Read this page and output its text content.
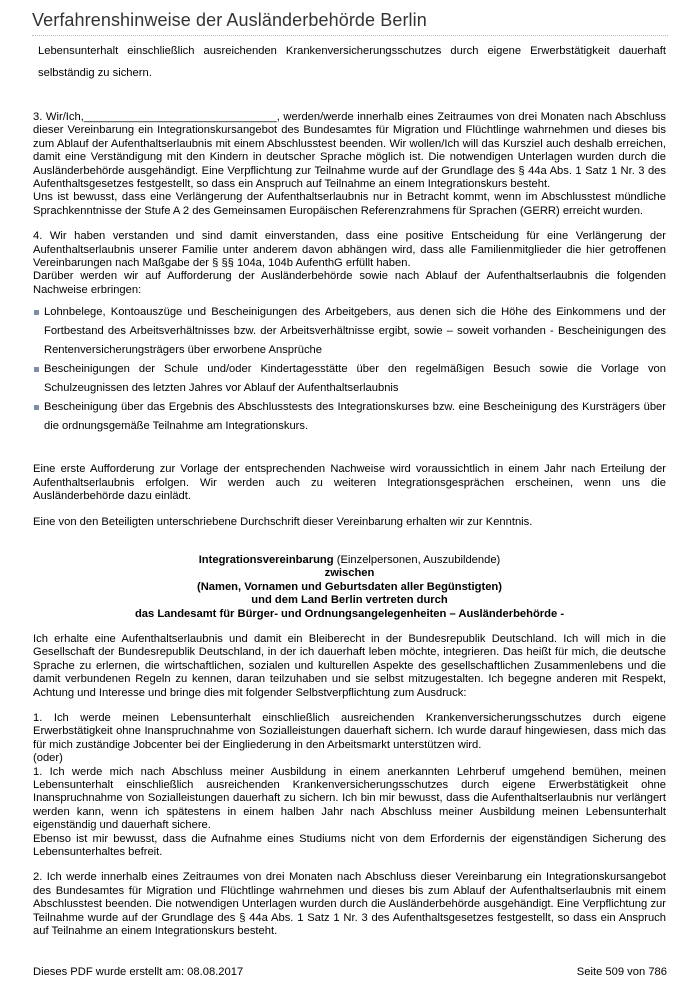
Verfahrenshinweise der Ausländerbehörde Berlin

Lebensunterhalt einschließlich ausreichenden Krankenversicherungsschutzes durch eigene Erwerbstätigkeit dauerhaft selbständig zu sichern.

3. Wir/Ich,_______________________________, werden/werde innerhalb eines Zeitraumes von drei Monaten nach Abschluss dieser Vereinbarung ein Integrationskursangebot des Bundesamtes für Migration und Flüchtlinge wahrnehmen und dieses bis zum Ablauf der Aufenthaltserlaubnis mit einem Abschlusstest beenden. Wir wollen/Ich will das Kursziel auch deshalb erreichen, damit eine Verständigung mit den Kindern in deutscher Sprache möglich ist. Die notwendigen Unterlagen wurden durch die Ausländerbehörde ausgehändigt. Eine Verpflichtung zur Teilnahme wurde auf der Grundlage des § 44a Abs. 1 Satz 1 Nr. 3 des Aufenthaltsgesetzes festgestellt, so dass ein Anspruch auf Teilnahme an einem Integrationskurs besteht.

Uns ist bewusst, dass eine Verlängerung der Aufenthaltserlaubnis nur in Betracht kommt, wenn im Abschlusstest mündliche Sprachkenntnisse der Stufe A 2 des Gemeinsamen Europäischen Referenzrahmens für Sprachen (GERR) erreicht wurden.

4. Wir haben verstanden und sind damit einverstanden, dass eine positive Entscheidung für eine Verlängerung der Aufenthaltserlaubnis unserer Familie unter anderem davon abhängen wird, dass alle Familienmitglieder die hier getroffenen Vereinbarungen nach Maßgabe der § §§ 104a, 104b AufenthG erfüllt haben.

Darüber werden wir auf Aufforderung der Ausländerbehörde sowie nach Ablauf der Aufenthaltserlaubnis die folgenden Nachweise erbringen:

Lohnbelege, Kontoauszüge und Bescheinigungen des Arbeitgebers, aus denen sich die Höhe des Einkommens und der Fortbestand des Arbeitsverhältnisses bzw. der Arbeitsverhältnisse ergibt, sowie – soweit vorhanden - Bescheinigungen des Rentenversicherungsträgers über erworbene Ansprüche
Bescheinigungen der Schule und/oder Kindertagesstätte über den regelmäßigen Besuch sowie die Vorlage von Schulzeugnissen des letzten Jahres vor Ablauf der Aufenthaltserlaubnis
Bescheinigung über das Ergebnis des Abschlusstests des Integrationskurses bzw. eine Bescheinigung des Kursträgers über die ordnungsgemäße Teilnahme am Integrationskurs.

Eine erste Aufforderung zur Vorlage der entsprechenden Nachweise wird voraussichtlich in einem Jahr nach Erteilung der Aufenthaltserlaubnis erfolgen. Wir werden auch zu weiteren Integrationsgesprächen erscheinen, wenn uns die Ausländerbehörde dazu einlädt.

Eine von den Beteiligten unterschriebene Durchschrift dieser Vereinbarung erhalten wir zur Kenntnis.

Integrationsvereinbarung (Einzelpersonen, Auszubildende)

zwischen

(Namen, Vornamen und Geburtsdaten aller Begünstigten)

und dem Land Berlin vertreten durch

das Landesamt für Bürger- und Ordnungsangelegenheiten – Ausländerbehörde -

Ich erhalte eine Aufenthaltserlaubnis und damit ein Bleiberecht in der Bundesrepublik Deutschland. Ich will mich in die Gesellschaft der Bundesrepublik Deutschland, in der ich dauerhaft leben möchte, integrieren. Das heißt für mich, die deutsche Sprache zu erlernen, die wirtschaftlichen, sozialen und kulturellen Aspekte des gesellschaftlichen Zusammenlebens und die damit verbundenen Regeln zu kennen, daran teilzuhaben und sie selbst mitzugestalten. Ich begegne anderen mit Respekt, Achtung und Interesse und bringe dies mit folgender Selbstverpflichtung zum Ausdruck:

1. Ich werde meinen Lebensunterhalt einschließlich ausreichenden Krankenversicherungsschutzes durch eigene Erwerbstätigkeit ohne Inanspruchnahme von Sozialleistungen dauerhaft sichern. Ich wurde darauf hingewiesen, dass mich das für mich zuständige Jobcenter bei der Eingliederung in den Arbeitsmarkt unterstützen wird.

(oder)

1. Ich werde mich nach Abschluss meiner Ausbildung in einem anerkannten Lehrberuf umgehend bemühen, meinen Lebensunterhalt einschließlich ausreichenden Krankenversicherungsschutzes durch eigene Erwerbstätigkeit ohne Inanspruchnahme von Sozialleistungen dauerhaft zu sichern. Ich bin mir bewusst, dass die Aufenthaltserlaubnis nur verlängert werden kann, wenn ich spätestens in einem halben Jahr nach Abschluss meiner Ausbildung meinen Lebensunterhalt eigenständig und dauerhaft sichere.

Ebenso ist mir bewusst, dass die Aufnahme eines Studiums nicht von dem Erfordernis der eigenständigen Sicherung des Lebensunterhaltes befreit.

2. Ich werde innerhalb eines Zeitraumes von drei Monaten nach Abschluss dieser Vereinbarung ein Integrationskursangebot des Bundesamtes für Migration und Flüchtlinge wahrnehmen und dieses bis zum Ablauf der Aufenthaltserlaubnis mit einem Abschlusstest beenden. Die notwendigen Unterlagen wurden durch die Ausländerbehörde ausgehändigt. Eine Verpflichtung zur Teilnahme wurde auf der Grundlage des § 44a Abs. 1 Satz 1 Nr. 3 des Aufenthaltsgesetzes festgestellt, so dass ein Anspruch auf Teilnahme an einem Integrationskurs besteht.

Dieses PDF wurde erstellt am: 08.08.2017	Seite 509 von 786
